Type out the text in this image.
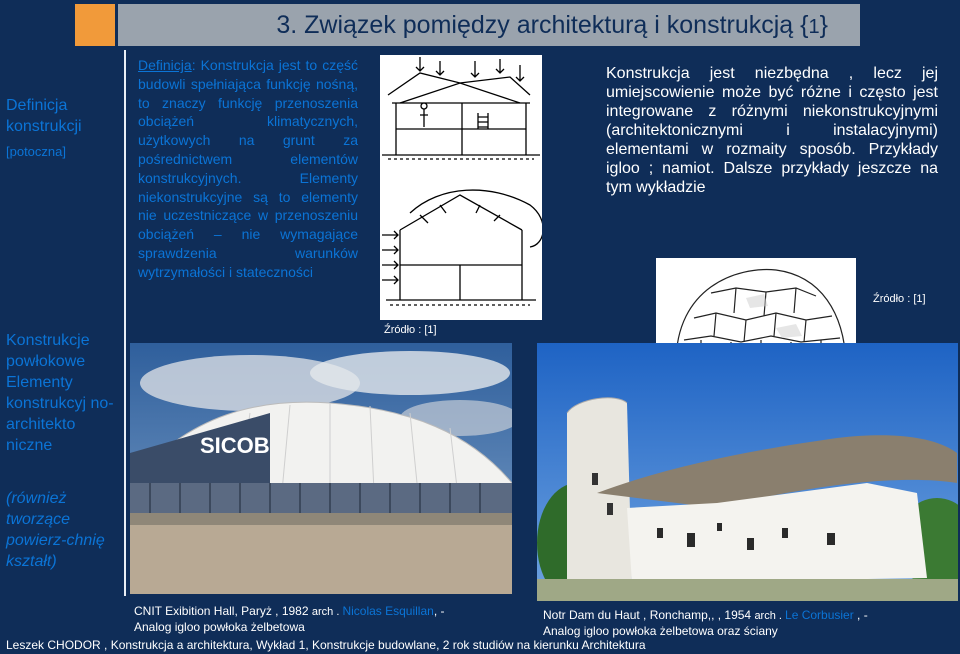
3. Związek pomiędzy architekturą i konstrukcją {1}
Definicja konstrukcji
[potoczna]
Konstrukcje powłokowe Elementy konstrukcyj no-architekto niczne
(również tworzące powierz-chnię kształt)
Definicja: Konstrukcja jest to część budowli spełniająca funkcję nośną, to znaczy funkcję przenoszenia obciążeń klimatycznych, użytkowych na grunt za pośrednictwem elementów konstrukcyjnych. Elementy niekonstrukcyjne są to elementy nie uczestniczące w przenoszeniu obciążeń – nie wymagające sprawdzenia warunków wytrzymałości i stateczności
Źródło : [1]
Konstrukcja jest niezbędna , lecz jej umiejscowienie może być różne i często jest integrowane z różnymi niekonstrukcyjnymi (architektonicznymi i instalacyjnymi) elementami w rozmaity sposób. Przykłady igloo ; namiot. Dalsze przykłady jeszcze na tym wykładzie
Źródło : [1]
SICOB
CNIT Exibition Hall, Paryż , 1982 arch . Nicolas Esquillan, -
Analog igloo powłoka żelbetowa
Notr Dam du Haut , Ronchamp,, , 1954 arch . Le Corbusier , -
Analog igloo powłoka żelbetowa oraz ściany
Leszek CHODOR , Konstrukcja a architektura, Wykład 1, Konstrukcje budowlane, 2 rok studiów na kierunku Architektura
